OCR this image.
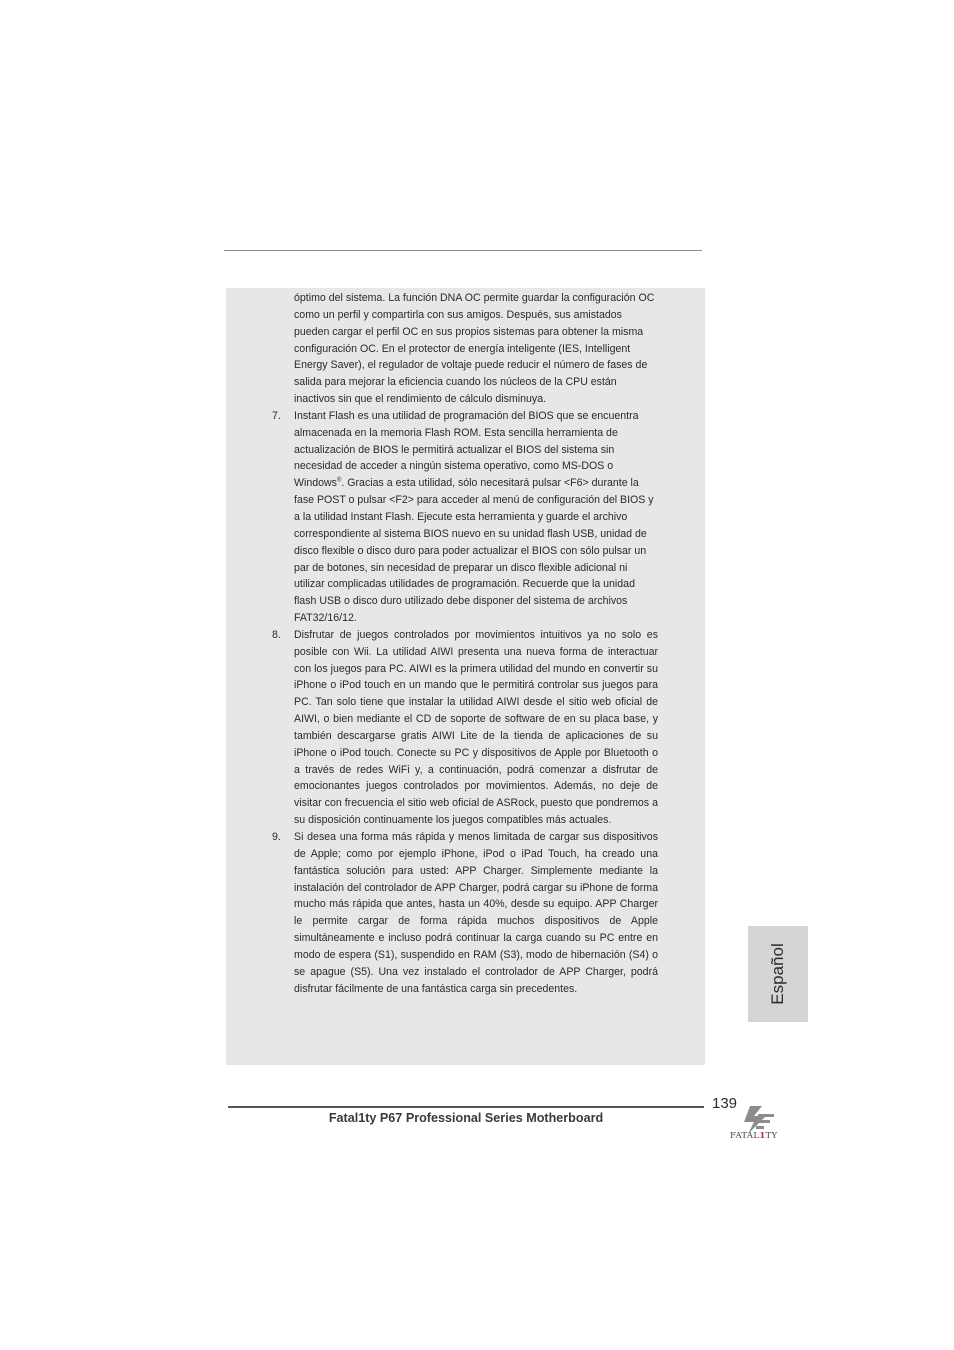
óptimo del sistema. La función DNA OC permite guardar la configuración OC como un perfil y compartirla con sus amigos. Después, sus amistados pueden cargar el perfil OC en sus propios sistemas para obtener la misma configuración OC. En el protector de energía inteligente (IES, Intelligent Energy Saver), el regulador de voltaje puede reducir el número de fases de salida para mejorar la eficiencia cuando los núcleos de la CPU están inactivos sin que el rendimiento de cálculo disminuya.

7.	Instant Flash es una utilidad de programación del BIOS que se encuentra almacenada en la memoria Flash ROM. Esta sencilla herramienta de actualización de BIOS le permitirá actualizar el BIOS del sistema sin necesidad de acceder a ningún sistema operativo, como MS-DOS o Windows®. Gracias a esta utilidad, sólo necesitará pulsar <F6> durante la fase POST o pulsar <F2> para acceder al menú de configuración del BIOS y a la utilidad Instant Flash. Ejecute esta herramienta y guarde el archivo correspondiente al sistema BIOS nuevo en su unidad flash USB, unidad de disco flexible o disco duro para poder actualizar el BIOS con sólo pulsar un par de botones, sin necesidad de preparar un disco flexible adicional ni utilizar complicadas utilidades de programación. Recuerde que la unidad flash USB o disco duro utilizado debe disponer del sistema de archivos FAT32/16/12.

8.	Disfrutar de juegos controlados por movimientos intuitivos ya no solo es posible con Wii. La utilidad AIWI presenta una nueva forma de interactuar con los juegos para PC. AIWI es la primera utilidad del mundo en convertir su iPhone o iPod touch en un mando que le permitirá controlar sus juegos para PC. Tan solo tiene que instalar la utilidad AIWI desde el sitio web oficial de AIWI, o bien mediante el CD de soporte de software de en su placa base, y también descargarse gratis AIWI Lite de la tienda de aplicaciones de su iPhone o iPod touch. Conecte su PC y dispositivos de Apple por Bluetooth o a través de redes WiFi y, a continuación, podrá comenzar a disfrutar de emocionantes juegos controlados por movimientos. Además, no deje de visitar con frecuencia el sitio web oficial de ASRock, puesto que pondremos a su disposición continuamente los juegos compatibles más actuales.

9.	Si desea una forma más rápida y menos limitada de cargar sus dispositivos de Apple; como por ejemplo iPhone, iPod o iPad Touch, ha creado una fantástica solución para usted: APP Charger. Simplemente mediante la instalación del controlador de APP Charger, podrá cargar su iPhone de forma mucho más rápida que antes, hasta un 40%, desde su equipo. APP Charger le permite cargar de forma rápida muchos dispositivos de Apple simultáneamente e incluso podrá continuar la carga cuando su PC entre en modo de espera (S1), suspendido en RAM (S3), modo de hibernación (S4) o se apague (S5). Una vez instalado el controlador de APP Charger, podrá disfrutar fácilmente de una fantástica carga sin precedentes.	Español
Fatal1ty P67 Professional Series Motherboard
139
FATAL1TY
